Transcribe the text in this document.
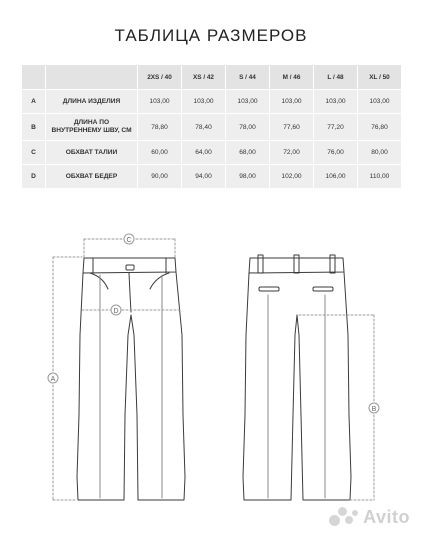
ТАБЛИЦА РАЗМЕРОВ
		2XS / 40	XS / 42	S / 44	M / 46	L / 48	XL / 50
A	ДЛИНА ИЗДЕЛИЯ	103,00	103,00	103,00	103,00	103,00	103,00
B	ДЛИНА ПО ВНУТРЕННЕМУ ШВУ, СМ	78,80	78,40	78,00	77,60	77,20	76,80
C	ОБХВАТ ТАЛИИ	60,00	64,00	68,00	72,00	76,00	80,00
D	ОБХВАТ БЕДЕР	90,00	94,00	98,00	102,00	106,00	110,00
A
C
D
B
Avito
